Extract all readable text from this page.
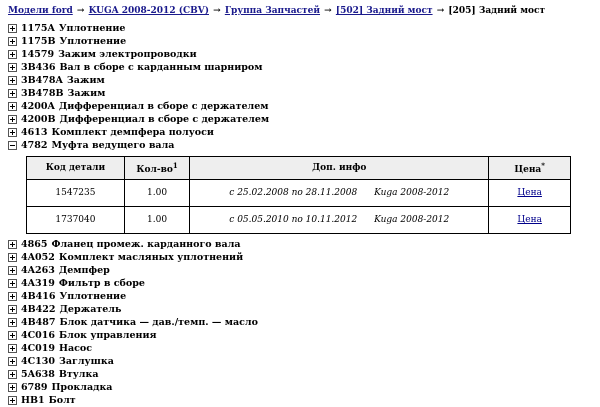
Модели ford → KUGA 2008-2012 (CBV) → Группа Запчастей → [502] Задний мост → [205] Задний мост
1175A Уплотнение
1175B Уплотнение
14579 Зажим электропроводки
3B436 Вал в сборе с карданным шарниром
3B478A Зажим
3B478B Зажим
4200A Дифференциал в сборе с держателем
4200B Дифференциал в сборе с держателем
4613 Комплект демпфера полуоси
4782 Муфта ведущего вала
Код детали	Кол-$во^1$	Доп. инфо	Цена*
1547235	1.00	с 25.02.2008 по 28.11.2008 Kuga 2008-2012	Цена
1737040	1.00	с 05.05.2010 по 10.11.2012 Kuga 2008-2012	Цена
4865 Фланец промеж. карданного вала
4A052 Комплект масляных уплотнений
4A263 Демпфер
4A319 Фильтр в сборе
4B416 Уплотнение
4B422 Держатель
4B487 Блок датчика — дав./темп. — масло
4C016 Блок управления
4C019 Насос
4C130 Заглушка
5A638 Втулка
6789 Прокладка
HB1 Болт
